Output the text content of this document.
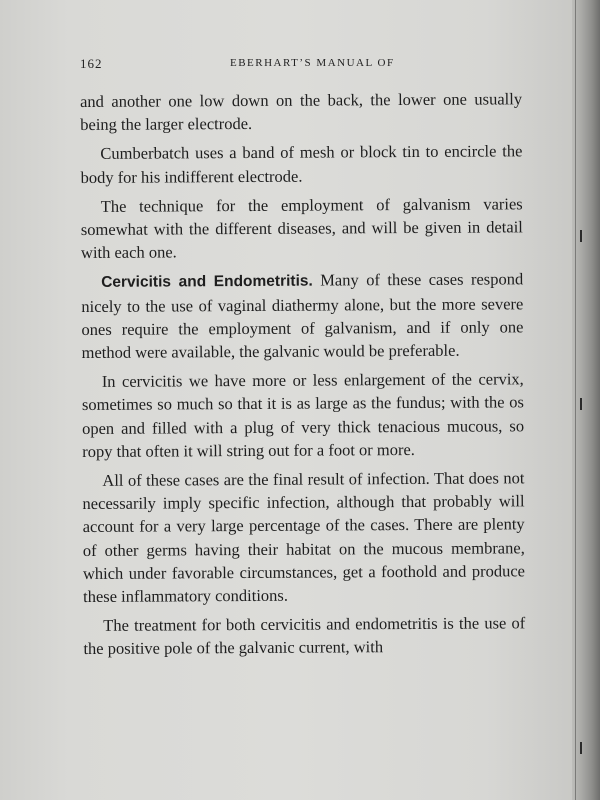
162	EBERHART’S MANUAL OF

and another one low down on the back, the lower one usually being the larger electrode.

Cumberbatch uses a band of mesh or block tin to encircle the body for his indifferent electrode.

The technique for the employment of galvanism varies somewhat with the different diseases, and will be given in detail with each one.

Cervicitis and Endometritis. Many of these cases respond nicely to the use of vaginal diathermy alone, but the more severe ones require the employment of galvanism, and if only one method were available, the galvanic would be preferable.

In cervicitis we have more or less enlargement of the cervix, sometimes so much so that it is as large as the fundus; with the os open and filled with a plug of very thick tenacious mucous, so ropy that often it will string out for a foot or more.

All of these cases are the final result of infection. That does not necessarily imply specific infection, although that probably will account for a very large percentage of the cases. There are plenty of other germs having their habitat on the mucous membrane, which under favorable circumstances, get a foothold and produce these inflammatory conditions.

The treatment for both cervicitis and endometritis is the use of the positive pole of the galvanic current, with
